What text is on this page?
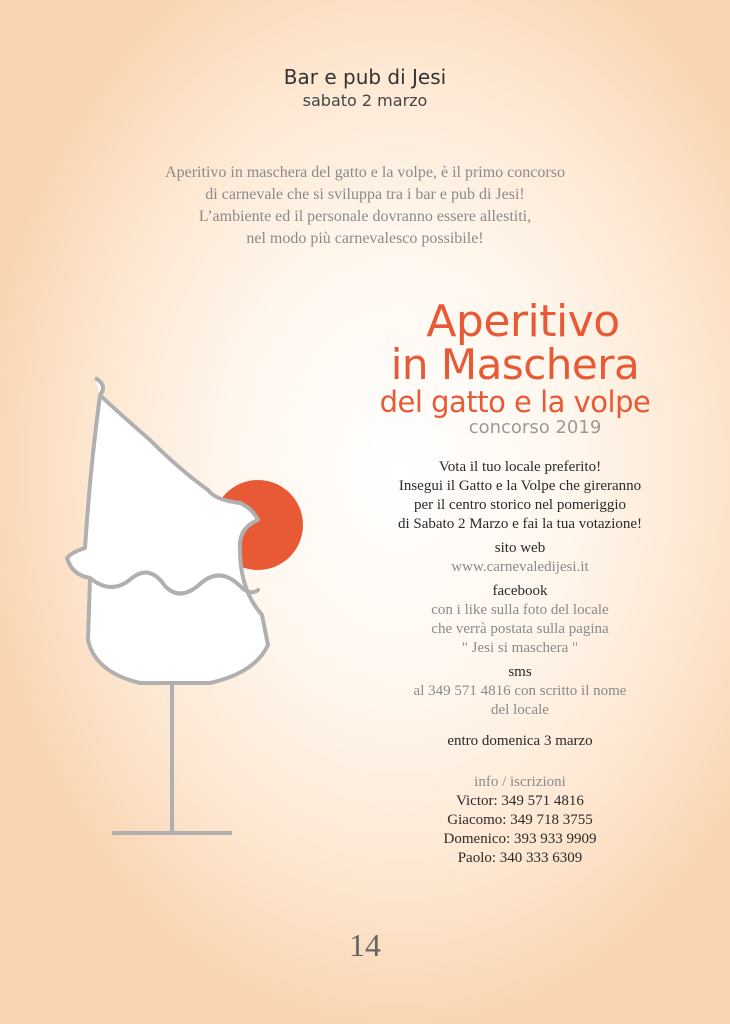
Bar e pub di Jesi
sabato 2 marzo
Aperitivo in maschera del gatto e la volpe, è il primo concorso
di carnevale che si sviluppa tra i bar e pub di Jesi!
L’ambiente ed il personale dovranno essere allestiti,
nel modo più carnevalesco possibile!
Aperitivo
in Maschera
del gatto e la volpe
concorso 2019
Vota il tuo locale preferito!
Insegui il Gatto e la Volpe che gireranno
per il centro storico nel pomeriggio
di Sabato 2 Marzo e fai la tua votazione!
sito web
www.carnevaledijesi.it
facebook
con i like sulla foto del locale
che verrà postata sulla pagina
" Jesi si maschera "
sms
al 349 571 4816 con scritto il nome
del locale
entro domenica 3 marzo
info / iscrizioni
Victor: 349 571 4816
Giacomo: 349 718 3755
Domenico: 393 933 9909
Paolo: 340 333 6309
14
